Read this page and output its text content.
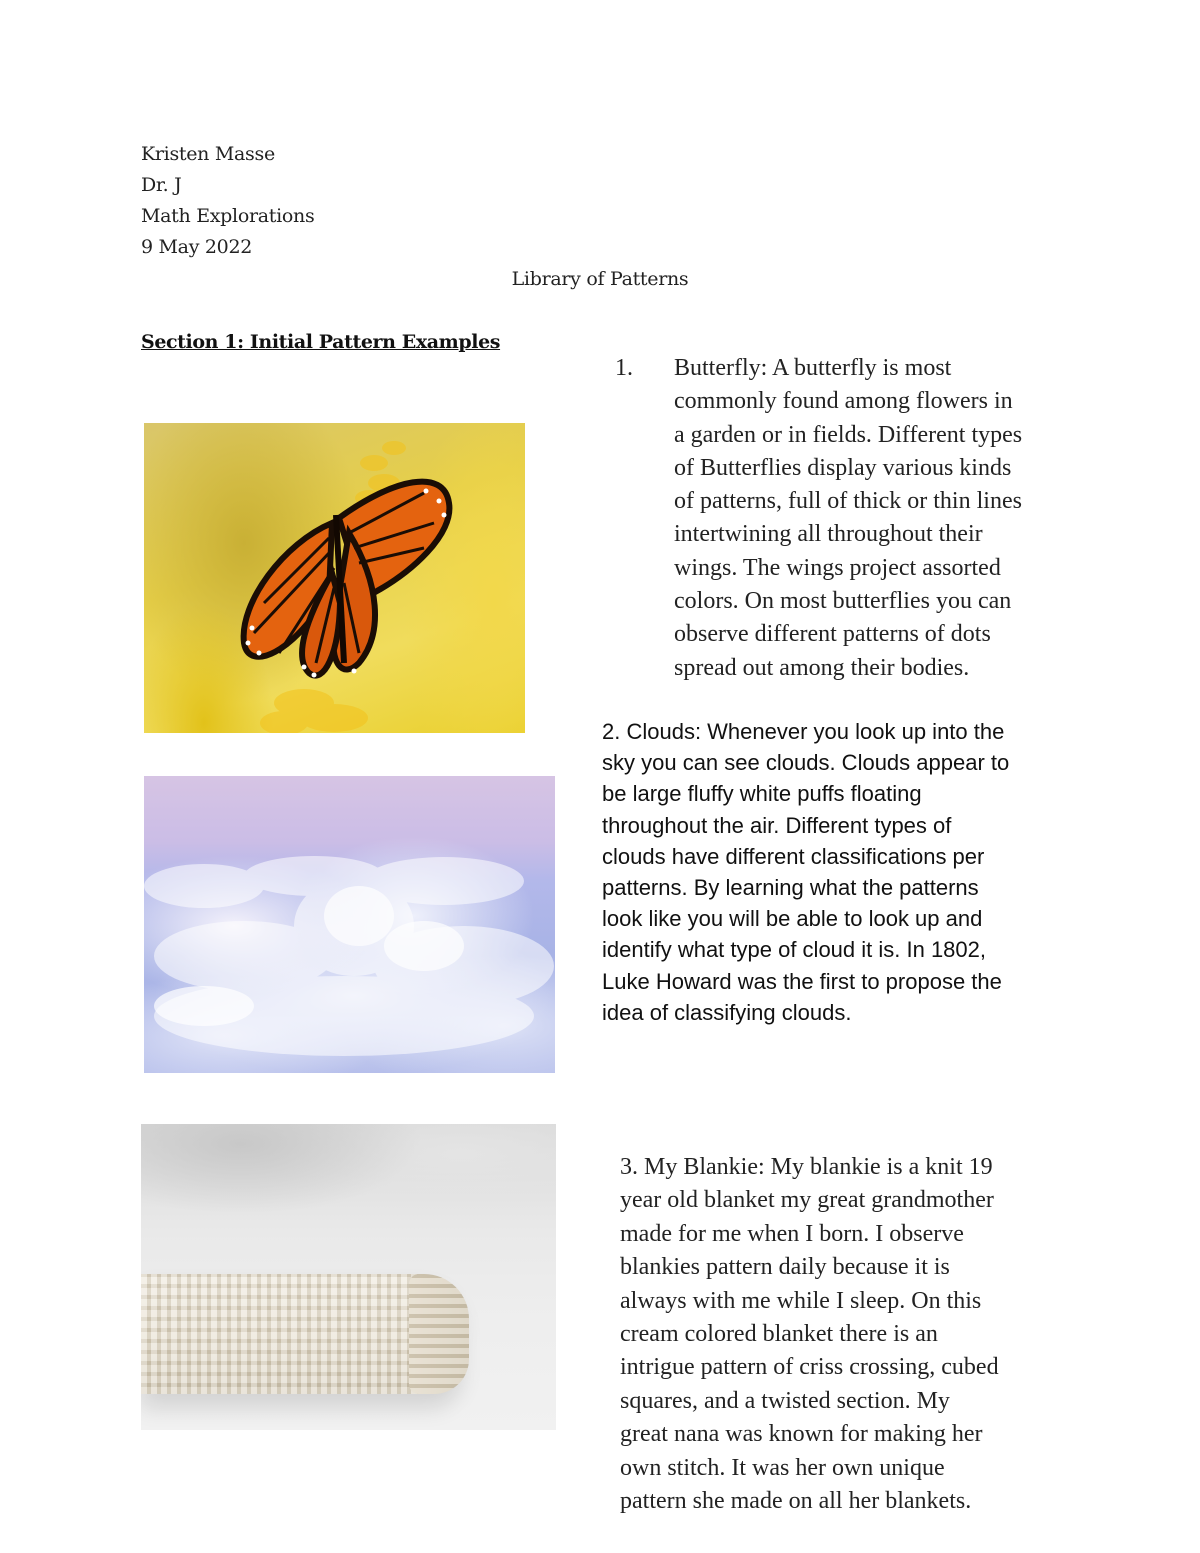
Kristen Masse
Dr. J
Math Explorations
9 May 2022
Library of Patterns
Section 1: Initial Pattern Examples
1. Butterfly: A butterfly is most
commonly found among flowers in
a garden or in fields. Different types
of Butterflies display various kinds
of patterns, full of thick or thin lines
intertwining all throughout their
wings. The wings project assorted
colors. On most butterflies you can
observe different patterns of dots
spread out among their bodies.
2. Clouds: Whenever you look up into the
sky you can see clouds. Clouds appear to
be large fluffy white puffs floating
throughout the air. Different types of
clouds have different classifications per
patterns. By learning what the patterns
look like you will be able to look up and
identify what type of cloud it is. In 1802,
Luke Howard was the first to propose the
idea of classifying clouds.
3. My Blankie: My blankie is a knit 19
year old blanket my great grandmother
made for me when I born. I observe
blankies pattern daily because it is
always with me while I sleep. On this
cream colored blanket there is an
intrigue pattern of criss crossing, cubed
squares, and a twisted section. My
great nana was known for making her
own stitch. It was her own unique
pattern she made on all her blankets.
